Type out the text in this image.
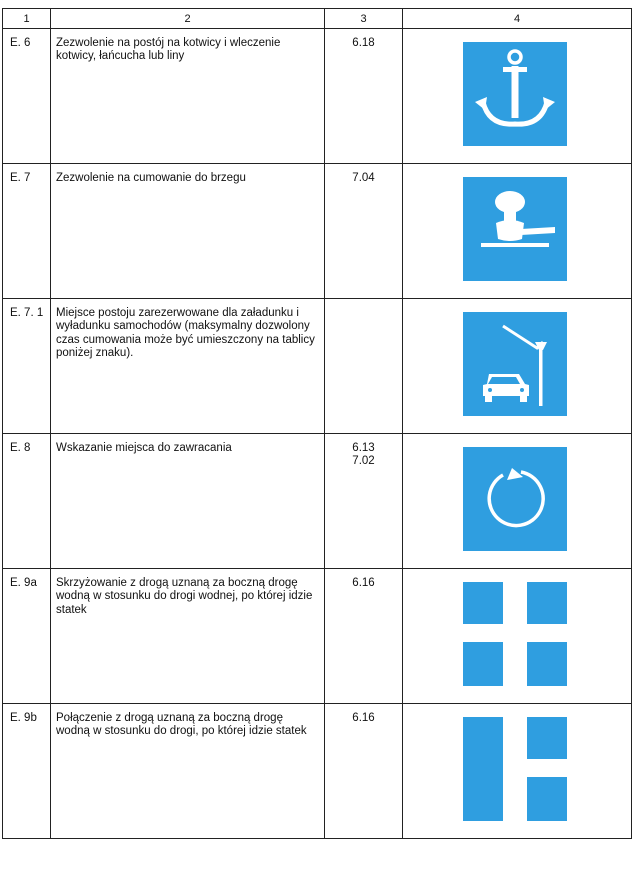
1	2	3	4
E. 6	Zezwolenie na postój na kotwicy i wleczenie kotwicy, łańcucha lub liny	6.18

E. 7	Zezwolenie na cumowanie do brzegu	7.04

E. 7. 1	Miejsce postoju zarezerwowane dla załadunku i wyładunku samochodów (maksymalny dozwolony czas cumowania może być umieszczony na tablicy poniżej znaku).		

E. 8	Wskazanie miejsca do zawracania	6.13
7.02

E. 9a	Skrzyżowanie z drogą uznaną za boczną drogę wodną w stosunku do drogi wodnej, po której idzie statek	6.16

E. 9b	Połączenie z drogą uznaną za boczną drogę wodną w stosunku do drogi, po której idzie statek	6.16
